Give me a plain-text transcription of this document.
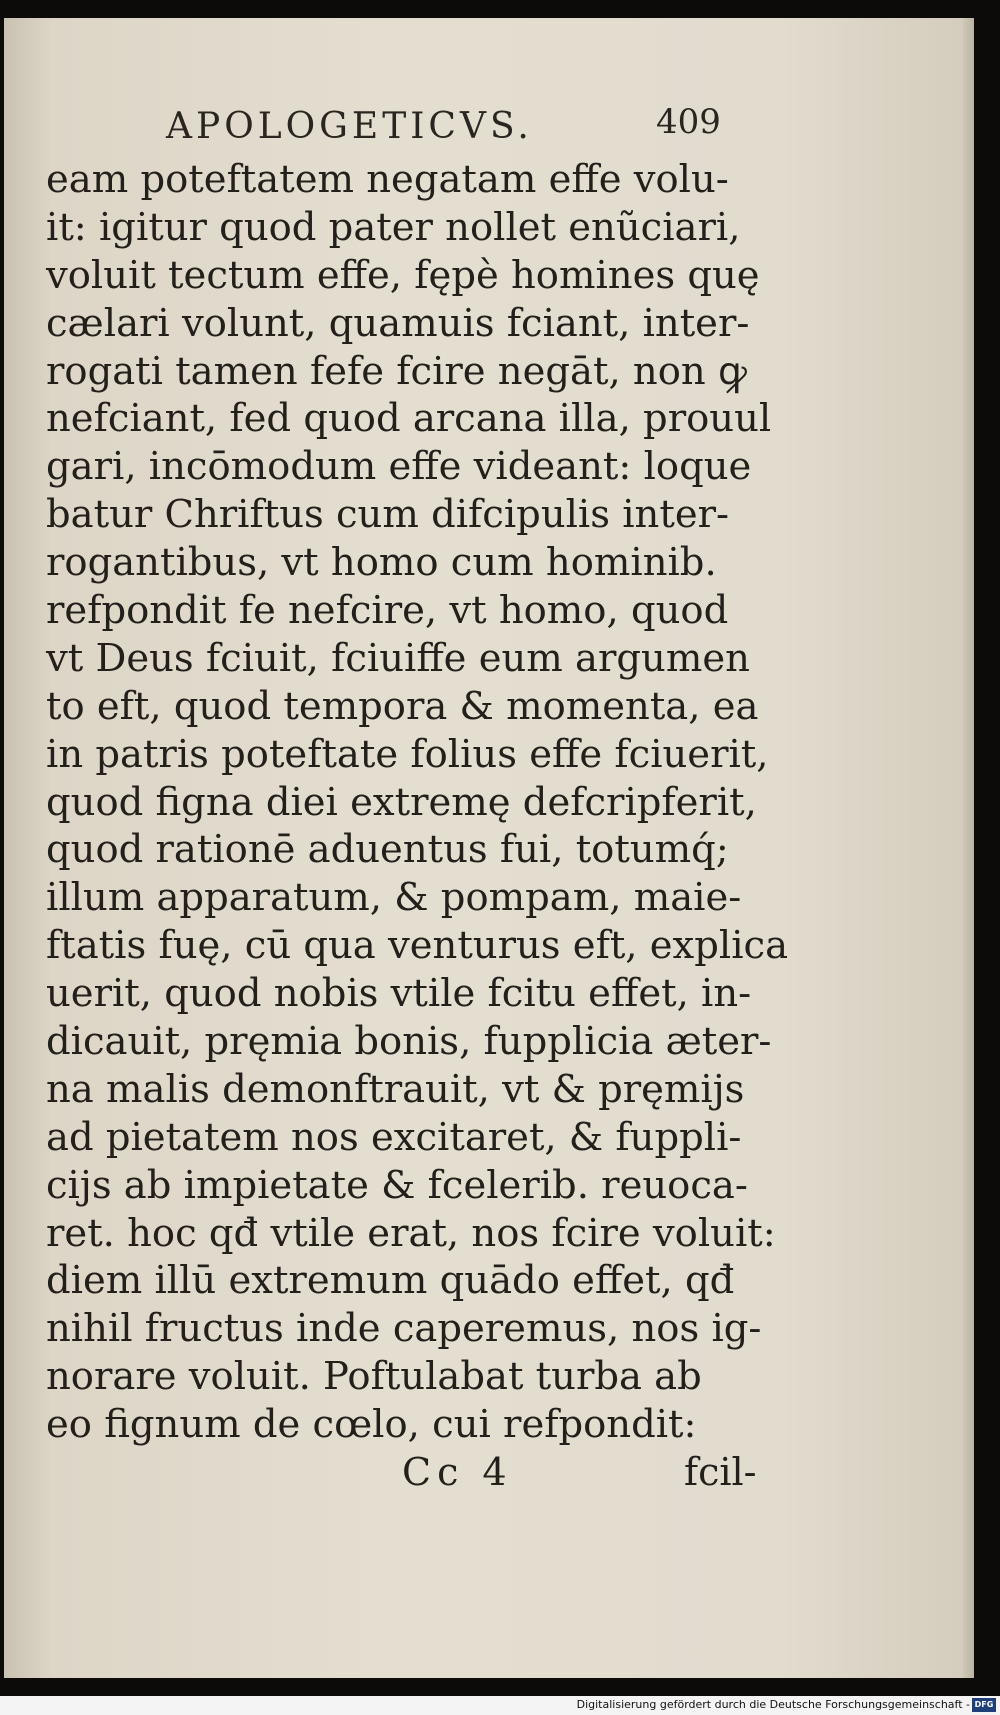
APOLOGETICVS.	409
eam poteftatem negatam effe volu-
it: igitur quod pater nollet enũciari,
voluit tectum effe, fępè homines quę
cælari volunt, quamuis fciant, inter-
rogati tamen fefe fcire negāt, non ꝙ
nefciant, fed quod arcana illa, prouul
gari, incōmodum effe videant: loque
batur Chriftus cum difcipulis inter-
rogantibus, vt homo cum hominib.
refpondit fe nefcire, vt homo, quod
vt Deus fciuit, fciuiffe eum argumen
to eft, quod tempora & momenta, ea
in patris poteftate folius effe fciuerit,
quod figna diei extremę defcripferit,
quod rationē aduentus fui, totumq́;
illum apparatum, & pompam, maie-
ftatis fuę, cū qua venturus eft, explica
uerit, quod nobis vtile fcitu effet, in-
dicauit, pręmia bonis, fupplicia æter-
na malis demonftrauit, vt & pręmijs
ad pietatem nos excitaret, & fuppli-
cijs ab impietate & fcelerib. reuoca-
ret. hoc qđ vtile erat, nos fcire voluit:
diem illū extremum quādo effet, qđ
nihil fructus inde caperemus, nos ig-
norare voluit. Poftulabat turba ab
eo fignum de cœlo, cui refpondit:
Cc 4	fcil-
Digitalisierung gefördert durch die Deutsche Forschungsgemeinschaft - DFG
